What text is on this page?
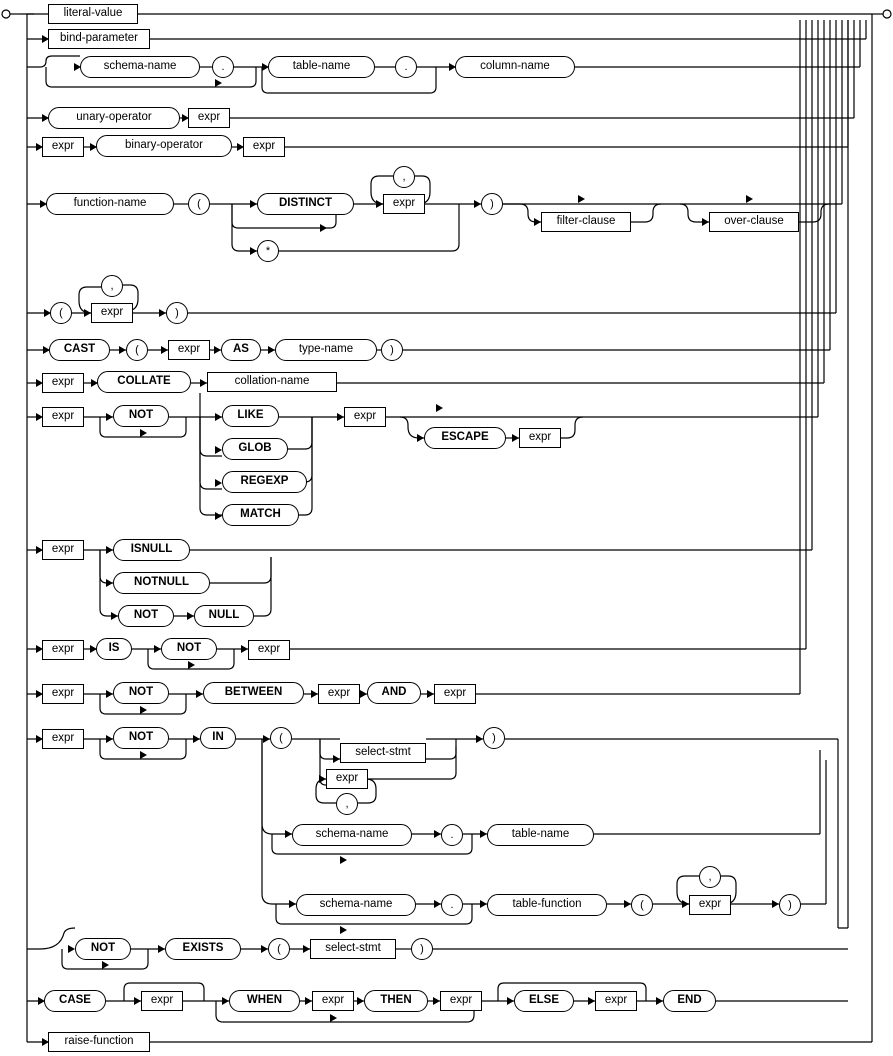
literal-value
bind-parameter
schema-name	.	table-name	.	column-name
unary-operator	expr
expr	binary-operator	expr
function-name	(	DISTINCT	expr
,
)
*
filter-clause	over-clause
(
,
expr	)
CAST	(	expr	AS	type-name	)
expr	COLLATE	collation-name
expr	NOT	LIKE
GLOB
REGEXP
MATCH
expr
ESCAPE	expr
expr	ISNULL
NOTNULL
NOT	NULL
expr	IS	NOT	expr
expr	NOT	BETWEEN	expr	AND	expr
expr	NOT	IN	(
select-stmt
expr
,
)
schema-name	.	table-name
schema-name	.	table-function	(
,
expr	)
NOT	EXISTS	(	select-stmt	)
CASE	expr	WHEN	expr	THEN	expr	ELSE	expr	END
raise-function
